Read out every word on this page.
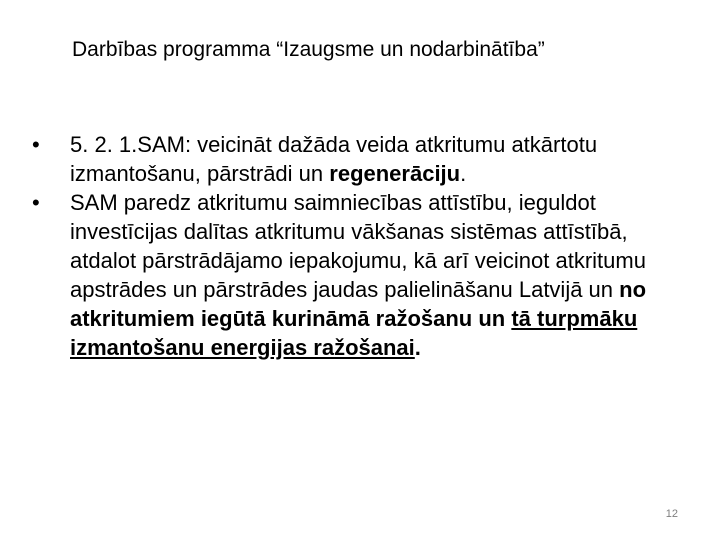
Darbības programma “Izaugsme un nodarbinātība”
• 5. 2. 1.SAM: veicināt dažāda veida atkritumu atkārtotu izmantošanu, pārstrādi un regenerāciju.
• SAM paredz atkritumu saimniecības attīstību, ieguldot investīcijas dalītas atkritumu vākšanas sistēmas attīstībā, atdalot pārstrādājamo iepakojumu, kā arī veicinot atkritumu apstrādes un pārstrādes jaudas palielināšanu Latvijā un no atkritumiem iegūtā kurināmā ražošanu un tā turpmāku izmantošanu energijas ražošanai.
12
